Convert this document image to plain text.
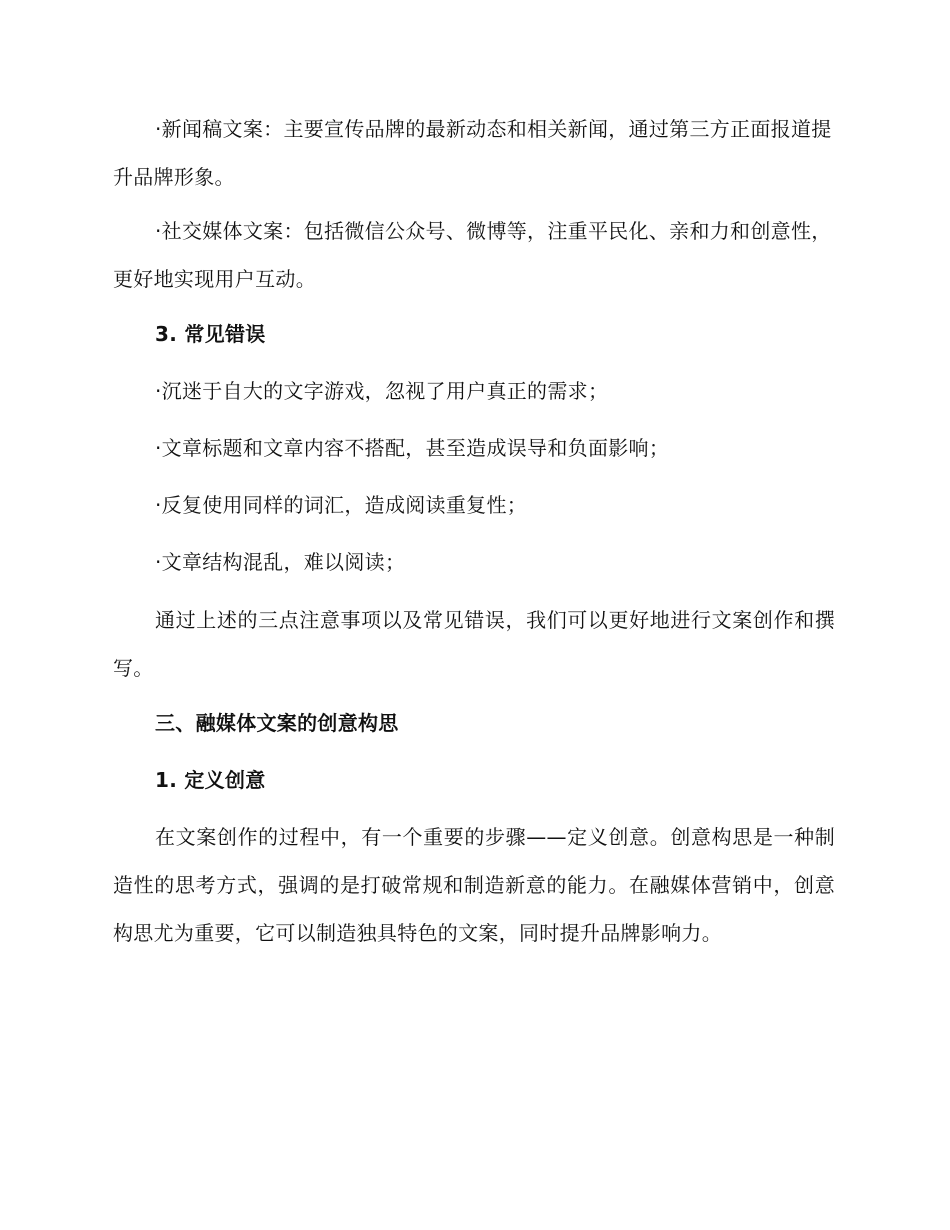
·新闻稿文案：主要宣传品牌的最新动态和相关新闻，通过第三方正面报道提升品牌形象。

·社交媒体文案：包括微信公众号、微博等，注重平民化、亲和力和创意性，更好地实现用户互动。

3. 常见错误

·沉迷于自大的文字游戏，忽视了用户真正的需求；

·文章标题和文章内容不搭配，甚至造成误导和负面影响；

·反复使用同样的词汇，造成阅读重复性；

·文章结构混乱，难以阅读；

通过上述的三点注意事项以及常见错误，我们可以更好地进行文案创作和撰写。

三、融媒体文案的创意构思

1. 定义创意

在文案创作的过程中，有一个重要的步骤——定义创意。创意构思是一种制造性的思考方式，强调的是打破常规和制造新意的能力。在融媒体营销中，创意构思尤为重要，它可以制造独具特色的文案，同时提升品牌影响力。
